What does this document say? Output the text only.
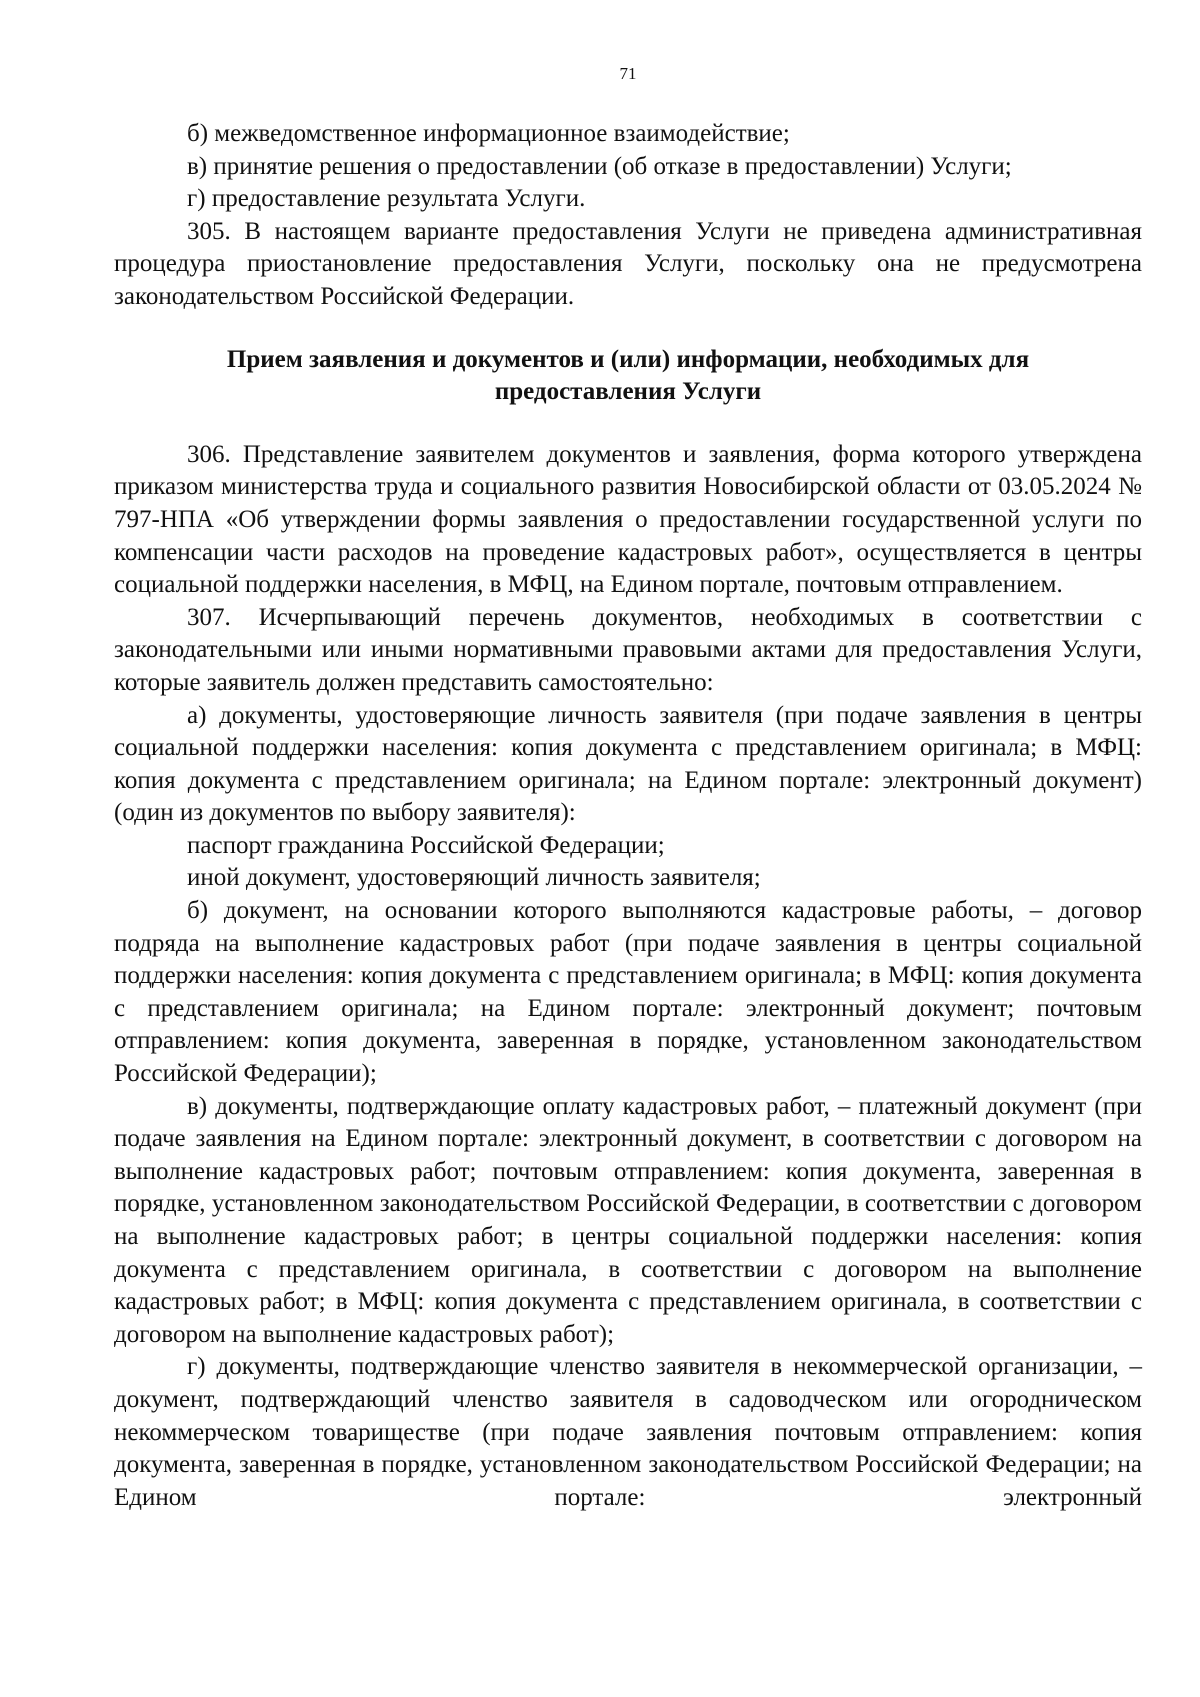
71

б) межведомственное информационное взаимодействие;

в) принятие решения о предоставлении (об отказе в предоставлении) Услуги;

г) предоставление результата Услуги.

305. В настоящем варианте предоставления Услуги не приведена административная процедура приостановление предоставления Услуги, поскольку она не предусмотрена законодательством Российской Федерации.

Прием заявления и документов и (или) информации, необходимых для
предоставления Услуги

306. Представление заявителем документов и заявления, форма которого утверждена приказом министерства труда и социального развития Новосибирской области от 03.05.2024 № 797-НПА «Об утверждении формы заявления о предоставлении государственной услуги по компенсации части расходов на проведение кадастровых работ», осуществляется в центры социальной поддержки населения, в МФЦ, на Едином портале, почтовым отправлением.

307. Исчерпывающий перечень документов, необходимых в соответствии с законодательными или иными нормативными правовыми актами для предоставления Услуги, которые заявитель должен представить самостоятельно:

а) документы, удостоверяющие личность заявителя (при подаче заявления в центры социальной поддержки населения: копия документа с представлением оригинала; в МФЦ: копия документа с представлением оригинала; на Едином портале: электронный документ) (один из документов по выбору заявителя):

паспорт гражданина Российской Федерации;

иной документ, удостоверяющий личность заявителя;

б) документ, на основании которого выполняются кадастровые работы, – договор подряда на выполнение кадастровых работ (при подаче заявления в центры социальной поддержки населения: копия документа с представлением оригинала; в МФЦ: копия документа с представлением оригинала; на Едином портале: электронный документ; почтовым отправлением: копия документа, заверенная в порядке, установленном законодательством Российской Федерации);

в) документы, подтверждающие оплату кадастровых работ, – платежный документ (при подаче заявления на Едином портале: электронный документ, в соответствии с договором на выполнение кадастровых работ; почтовым отправлением: копия документа, заверенная в порядке, установленном законодательством Российской Федерации, в соответствии с договором на выполнение кадастровых работ; в центры социальной поддержки населения: копия документа с представлением оригинала, в соответствии с договором на выполнение кадастровых работ; в МФЦ: копия документа с представлением оригинала, в соответствии с договором на выполнение кадастровых работ);

г) документы, подтверждающие членство заявителя в некоммерческой организации, – документ, подтверждающий членство заявителя в садоводческом или огородническом некоммерческом товариществе (при подаче заявления почтовым отправлением: копия документа, заверенная в порядке, установленном законодательством Российской Федерации; на Едином портале: электронный
